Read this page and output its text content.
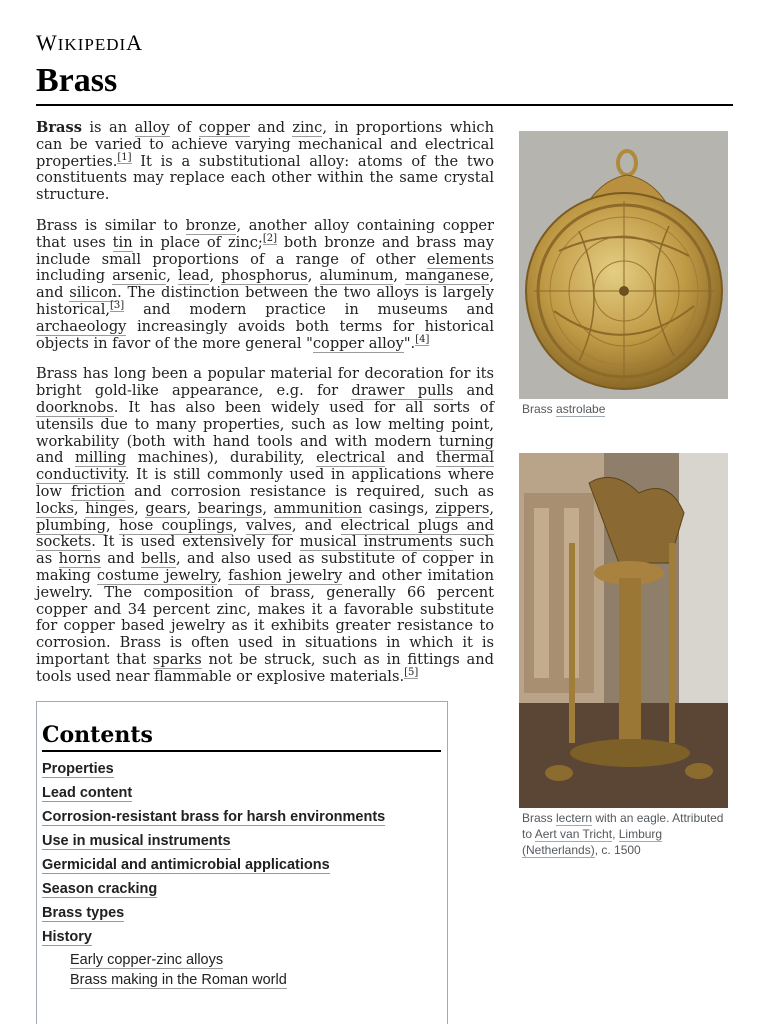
WIKIPEDIA
Brass

Brass is an alloy of copper and zinc, in proportions which can be varied to achieve varying mechanical and electrical properties.[1] It is a substitutional alloy: atoms of the two constituents may replace each other within the same crystal structure.

Brass is similar to bronze, another alloy containing copper that uses tin in place of zinc;[2] both bronze and brass may include small proportions of a range of other elements including arsenic, lead, phosphorus, aluminum, manganese, and silicon. The distinction between the two alloys is largely historical,[3] and modern practice in museums and archaeology increasingly avoids both terms for historical objects in favor of the more general "copper alloy".[4]

Brass has long been a popular material for decoration for its bright gold-like appearance, e.g. for drawer pulls and doorknobs. It has also been widely used for all sorts of utensils due to many properties, such as low melting point, workability (both with hand tools and with modern turning and milling machines), durability, electrical and thermal conductivity. It is still commonly used in applications where low friction and corrosion resistance is required, such as locks, hinges, gears, bearings, ammunition casings, zippers, plumbing, hose couplings, valves, and electrical plugs and sockets. It is used extensively for musical instruments such as horns and bells, and also used as substitute of copper in making costume jewelry, fashion jewelry and other imitation jewelry. The composition of brass, generally 66 percent copper and 34 percent zinc, makes it a favorable substitute for copper based jewelry as it exhibits greater resistance to corrosion. Brass is often used in situations in which it is important that sparks not be struck, such as in fittings and tools used near flammable or explosive materials.[5]

Brass astrolabe
Brass lectern with an eagle. Attributed to Aert van Tricht, Limburg (Netherlands), c. 1500
Contents
Properties
Lead content
Corrosion-resistant brass for harsh environments
Use in musical instruments
Germicidal and antimicrobial applications
Season cracking
Brass types
History
Early copper-zinc alloys
Brass making in the Roman world
